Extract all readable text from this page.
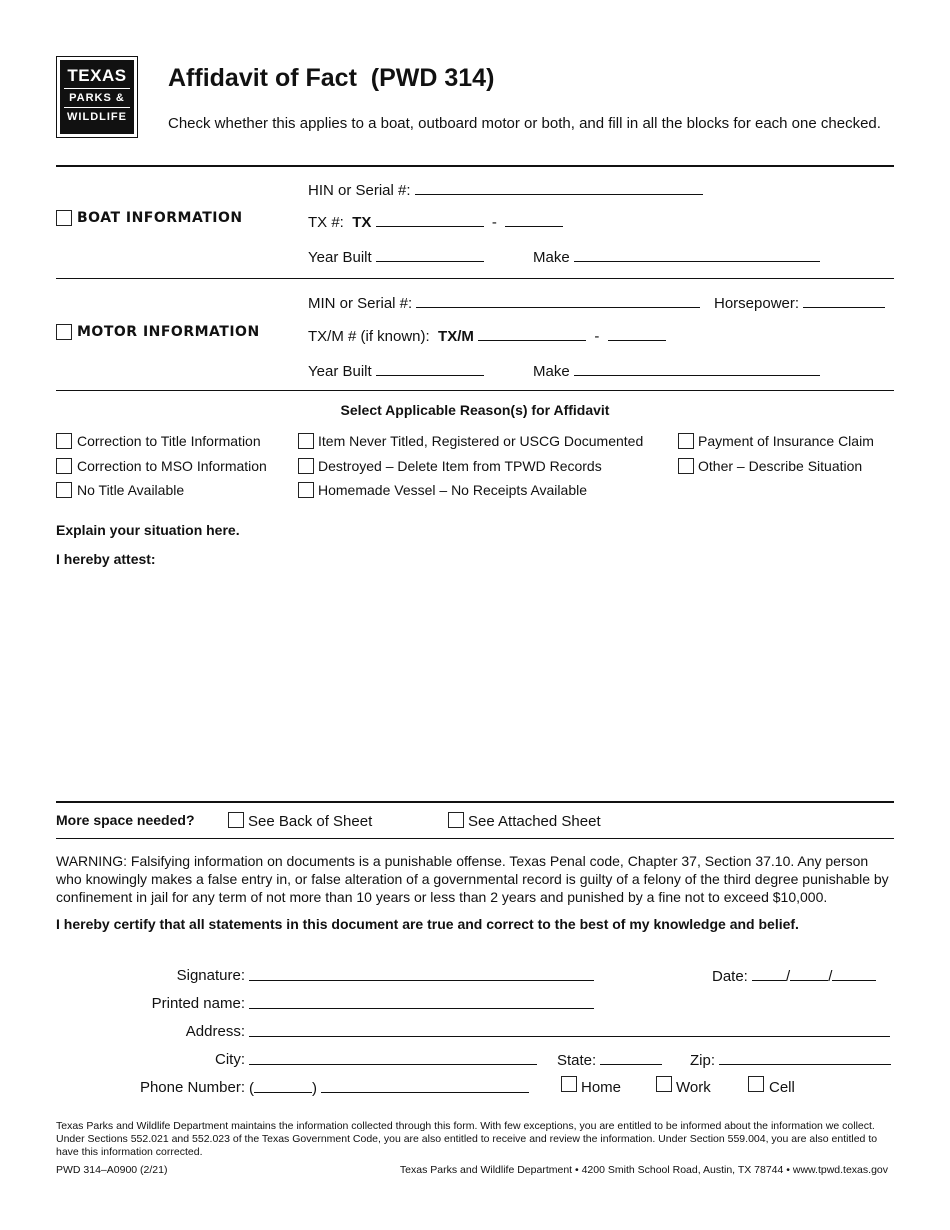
TEXAS
PARKS &
WILDLIFE
Affidavit of Fact  (PWD 314)
Check whether this applies to a boat, outboard motor or both, and fill in all the blocks for each one checked.
BOAT INFORMATION
HIN or Serial #:
TX #: TX	-
Year Built	Make
MOTOR INFORMATION
MIN or Serial #:	Horsepower:
TX/M # (if known): TX/M	-
Year Built	Make
Select Applicable Reason(s) for Affidavit
Correction to Title Information
Correction to MSO Information
No Title Available
Item Never Titled, Registered or USCG Documented
Destroyed – Delete Item from TPWD Records
Homemade Vessel – No Receipts Available
Payment of Insurance Claim
Other – Describe Situation
Explain your situation here.
I hereby attest:
More space needed?	See Back of Sheet	See Attached Sheet
WARNING: Falsifying information on documents is a punishable offense. Texas Penal code, Chapter 37, Section 37.10. Any person who knowingly makes a false entry in, or false alteration of a governmental record is guilty of a felony of the third degree punishable by confinement in jail for any term of not more than 10 years or less than 2 years and punished by a fine not to exceed $10,000.
I hereby certify that all statements in this document are true and correct to the best of my knowledge and belief.
Signature:	Date:	/	/
Printed name:
Address:
City:	State:	Zip:
Phone Number: (	)	Home	Work	Cell
Texas Parks and Wildlife Department maintains the information collected through this form. With few exceptions, you are entitled to be informed about the information we collect. Under Sections 552.021 and 552.023 of the Texas Government Code, you are also entitled to receive and review the information. Under Section 559.004, you are also entitled to have this information corrected.
PWD 314–A0900 (2/21)	Texas Parks and Wildlife Department • 4200 Smith School Road, Austin, TX 78744 • www.tpwd.texas.gov
